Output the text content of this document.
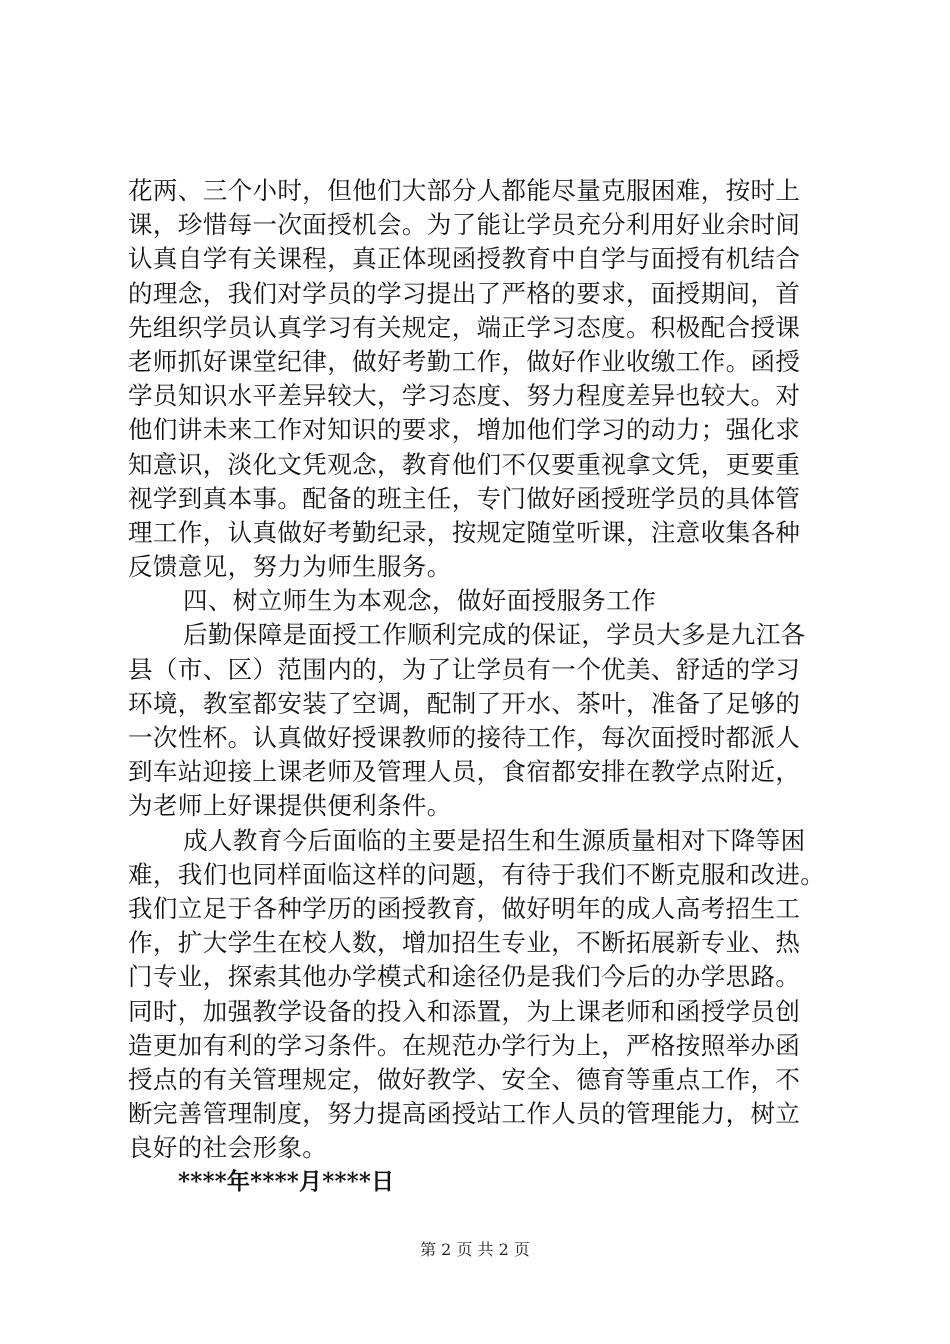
花两、三个小时，但他们大部分人都能尽量克服困难，按时上
课，珍惜每一次面授机会。为了能让学员充分利用好业余时间
认真自学有关课程，真正体现函授教育中自学与面授有机结合
的理念，我们对学员的学习提出了严格的要求，面授期间，首
先组织学员认真学习有关规定，端正学习态度。积极配合授课
老师抓好课堂纪律，做好考勤工作，做好作业收缴工作。函授
学员知识水平差异较大，学习态度、努力程度差异也较大。对
他们讲未来工作对知识的要求，增加他们学习的动力；强化求
知意识，淡化文凭观念，教育他们不仅要重视拿文凭，更要重
视学到真本事。配备的班主任，专门做好函授班学员的具体管
理工作，认真做好考勤纪录，按规定随堂听课，注意收集各种
反馈意见，努力为师生服务。
四、树立师生为本观念，做好面授服务工作
后勤保障是面授工作顺利完成的保证，学员大多是九江各
县（市、区）范围内的，为了让学员有一个优美、舒适的学习
环境，教室都安装了空调，配制了开水、茶叶，准备了足够的
一次性杯。认真做好授课教师的接待工作，每次面授时都派人
到车站迎接上课老师及管理人员，食宿都安排在教学点附近，
为老师上好课提供便利条件。
成人教育今后面临的主要是招生和生源质量相对下降等困
难，我们也同样面临这样的问题，有待于我们不断克服和改进。
我们立足于各种学历的函授教育，做好明年的成人高考招生工
作，扩大学生在校人数，增加招生专业，不断拓展新专业、热
门专业，探索其他办学模式和途径仍是我们今后的办学思路。
同时，加强教学设备的投入和添置，为上课老师和函授学员创
造更加有利的学习条件。在规范办学行为上，严格按照举办函
授点的有关管理规定，做好教学、安全、德育等重点工作，不
断完善管理制度，努力提高函授站工作人员的管理能力，树立
良好的社会形象。
****年****月****日
第 2 页 共 2 页
